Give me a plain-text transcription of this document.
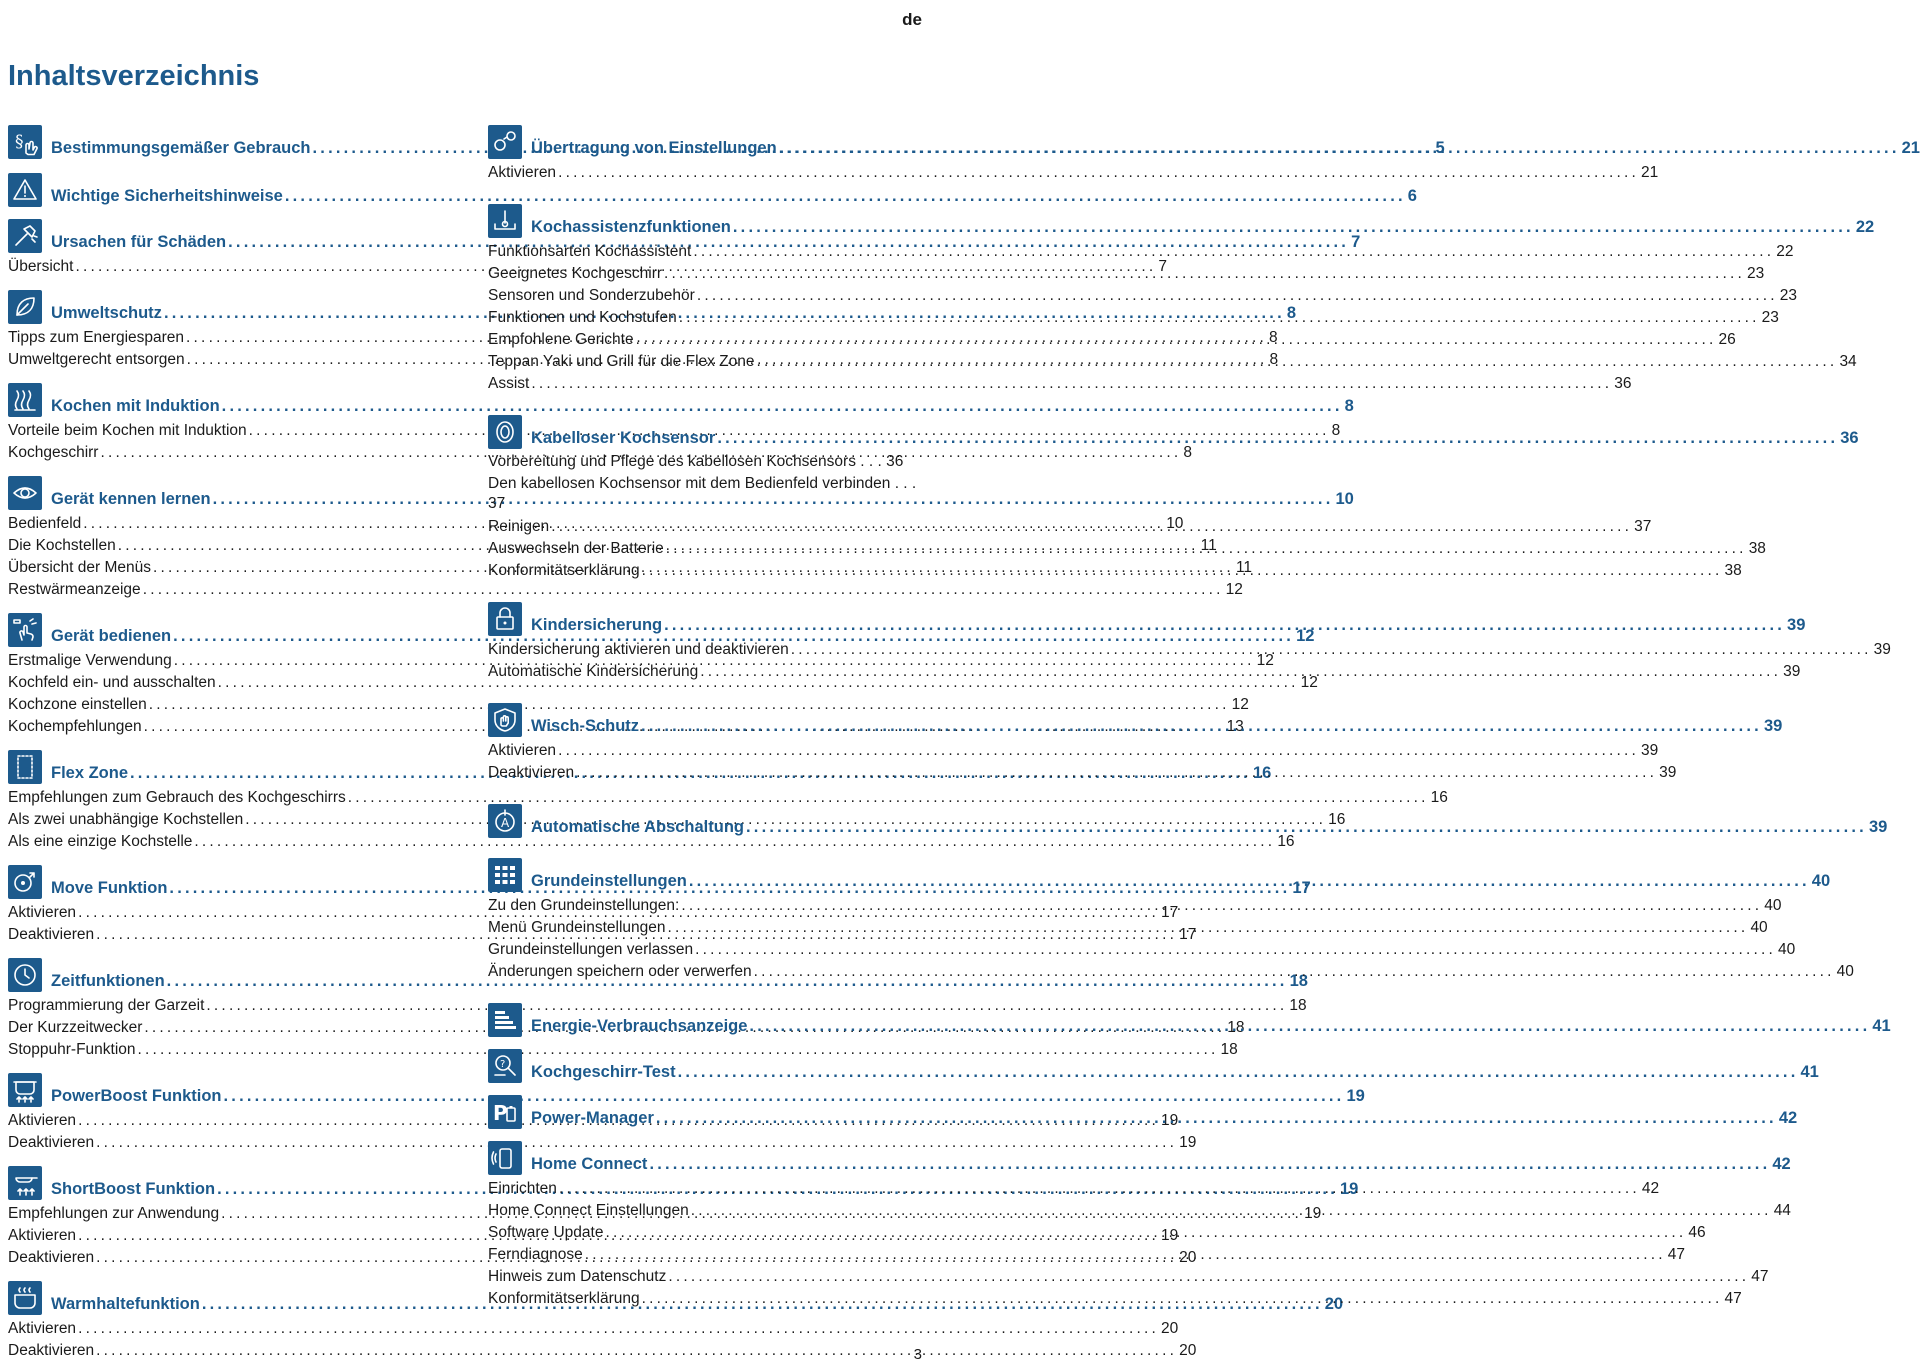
de
Inhaltsverzeichnis
§ Bestimmungsgemäßer Gebrauch .....	5
Wichtige Sicherheitshinweise .....	6
Ursachen für Schäden .....	7
Übersicht .....	7
Umweltschutz .....	8
Tipps zum Energiesparen .....	8
Umweltgerecht entsorgen .....	8
Kochen mit Induktion .....	8
Vorteile beim Kochen mit Induktion .....	8
Kochgeschirr .....	8
Gerät kennen lernen .....	10
Bedienfeld .....	10
Die Kochstellen .....	11
Übersicht der Menüs .....	11
Restwärmeanzeige .....	12
Gerät bedienen .....	12
Erstmalige Verwendung .....	12
Kochfeld ein- und ausschalten .....	12
Kochzone einstellen .....	12
Kochempfehlungen .....	13
Flex Zone .....	16
Empfehlungen zum Gebrauch des Kochgeschirrs .....	16
Als zwei unabhängige Kochstellen .....	16
Als eine einzige Kochstelle .....	16
Move Funktion .....	17
Aktivieren .....	17
Deaktivieren .....	17
Zeitfunktionen .....	18
Programmierung der Garzeit .....	18
Der Kurzzeitwecker .....	18
Stoppuhr-Funktion .....	18
PowerBoost Funktion .....	19
Aktivieren .....	19
Deaktivieren .....	19
ShortBoost Funktion .....	19
Empfehlungen zur Anwendung .....	19
Aktivieren .....	19
Deaktivieren .....	20
Warmhaltefunktion .....	20
Aktivieren .....	20
Deaktivieren .....	20
Übertragung von Einstellungen .....	21
Aktivieren .....	21
Kochassistenzfunktionen .....	22
Funktionsarten Kochassistent .....	22
Geeignetes Kochgeschirr .....	23
Sensoren und Sonderzubehör .....	23
Funktionen und Kochstufen .....	23
Empfohlene Gerichte .....	26
Teppan Yaki und Grill für die Flex Zone .....	34
Assist .....	36
Kabelloser Kochsensor .....	36
Vorbereitung und Pflege des kabellosen Kochsensors . . . 36
Den kabellosen Kochsensor mit dem Bedienfeld verbinden . . . 37
Reinigen .....	37
Auswechseln der Batterie .....	38
Konformitätserklärung .....	38
Kindersicherung .....	39
Kindersicherung aktivieren und deaktivieren .....	39
Automatische Kindersicherung .....	39
Wisch-Schutz .....	39
Aktivieren .....	39
Deaktivieren .....	39
A Automatische Abschaltung .....	39
Grundeinstellungen .....	40
Zu den Grundeinstellungen: .....	40
Menü Grundeinstellungen .....	40
Grundeinstellungen verlassen .....	40
Änderungen speichern oder verwerfen .....	40
Energie-Verbrauchsanzeige .....	41
? Kochgeschirr-Test .....	41
P Power-Manager .....	42
Home Connect .....	42
Einrichten .....	42
Home Connect Einstellungen .....	44
Software Update .....	46
Ferndiagnose .....	47
Hinweis zum Datenschutz .....	47
Konformitätserklärung .....	47
3
